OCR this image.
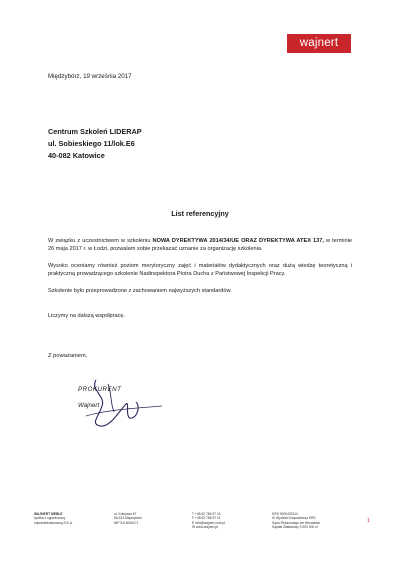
wajnert
Międzybórz, 19 września 2017
Centrum Szkoleń LIDERAP
ul. Sobieskiego 11/lok.E6
40-082 Katowice
List referencyjny
W związku z uczestnictwem w szkoleniu NOWA DYREKTYWA 2014/34/UE ORAZ DYREKTYWA ATEX 137, w terminie 26 maja 2017 r. w Łodzi, pozwalam sobie przekazać uznanie za organizację szkolenia.
Wysoko oceniamy również poziom merytoryczny zajęć i materiałów dydaktycznych oraz dużą wiedzę teoretyczną i praktyczną prowadzącego szkolenie Nadinspektora Piotra Ducha z Państwowej Inspekcji Pracy.
Szkolenie było przeprowadzone z zachowaniem najwyższych standardów.
Liczymy na dalszą współpracę.
Z poważaniem,
PROKURENT
Wajnert
WAJNERT MEBLE
spółka z ograniczoną
odpowiedzialnością S.K.A.
ul. Kolejowa 67
56-513 Międzybórz
NIP 9113006171
T +48 62 786 97 10
F +48 62 786 97 11
E info@wajnert.com.pl
W www.wajnert.pl
KRS 0000432114
IX Wydział Gospodarczy KRS
Sądu Rejonowego we Wrocławiu
Kapitał Zakładowy 3 000 000 zł
1
